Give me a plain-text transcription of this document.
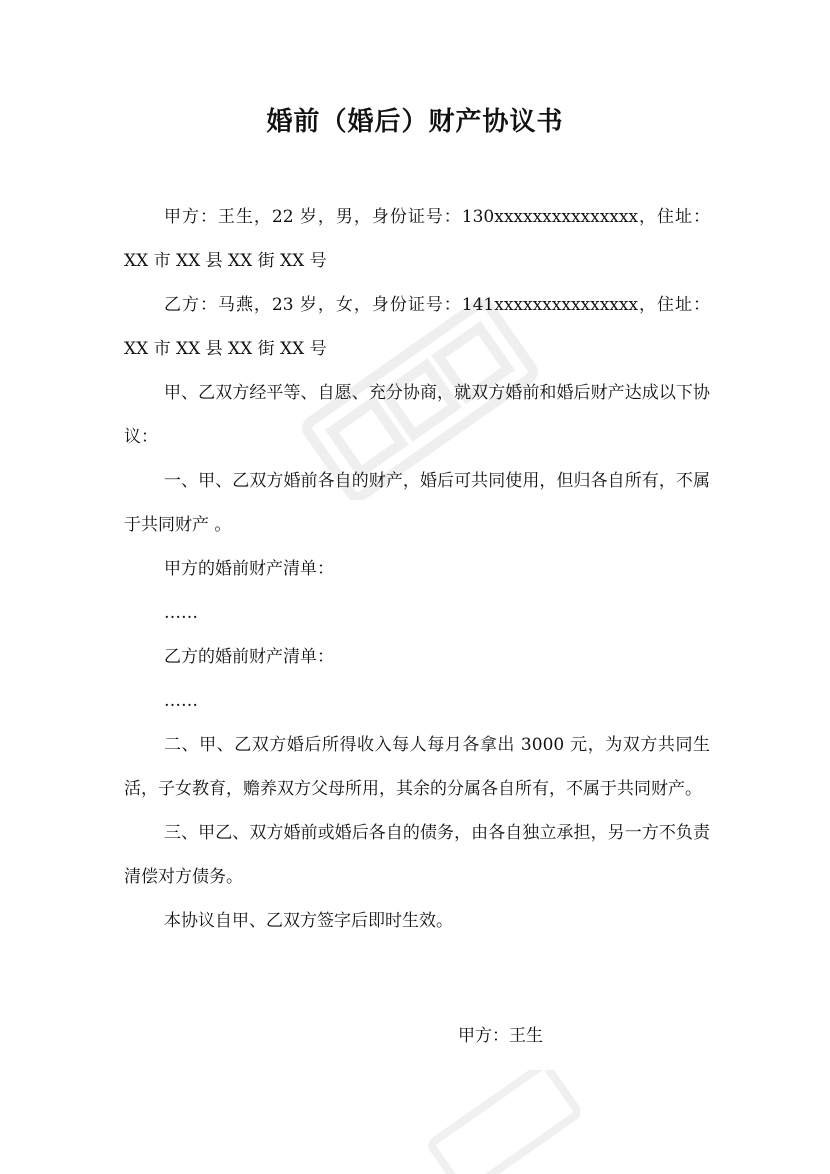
婚前（婚后）财产协议书

甲方：王生，22 岁，男，身份证号：130xxxxxxxxxxxxxxx，住址：XX 市 XX 县 XX 街 XX 号

乙方：马燕，23 岁，女，身份证号：141xxxxxxxxxxxxxxx，住址：XX 市 XX 县 XX 街 XX 号

甲、乙双方经平等、自愿、充分协商，就双方婚前和婚后财产达成以下协议：

一、甲、乙双方婚前各自的财产，婚后可共同使用，但归各自所有，不属于共同财产 。

甲方的婚前财产清单：

……

乙方的婚前财产清单：

……

二、甲、乙双方婚后所得收入每人每月各拿出 3000 元，为双方共同生活，子女教育，赡养双方父母所用，其余的分属各自所有，不属于共同财产。

三、甲乙、双方婚前或婚后各自的债务，由各自独立承担，另一方不负责清偿对方债务。

本协议自甲、乙双方签字后即时生效。

甲方：王生
